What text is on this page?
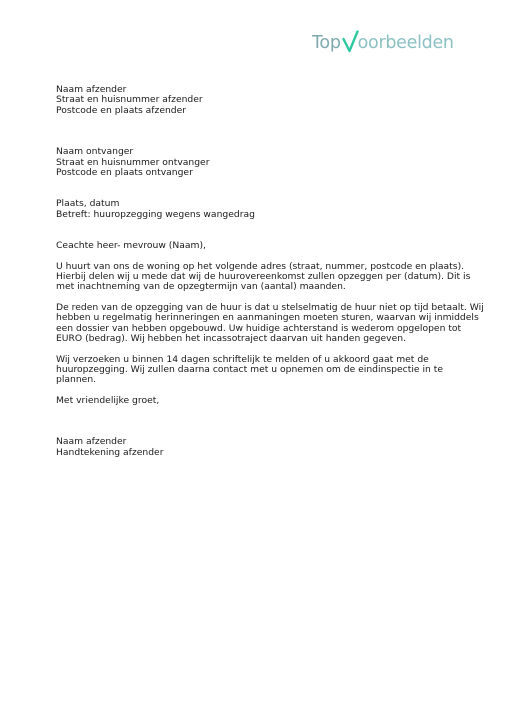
Top oorbeelden
Naam afzender
Straat en huisnummer afzender
Postcode en plaats afzender
Naam ontvanger
Straat en huisnummer ontvanger
Postcode en plaats ontvanger
Plaats, datum
Betreft: huuropzegging wegens wangedrag
Ceachte heer- mevrouw (Naam),
U huurt van ons de woning op het volgende adres (straat, nummer, postcode en plaats).
Hierbij delen wij u mede dat wij de huurovereenkomst zullen opzeggen per (datum). Dit is
met inachtneming van de opzegtermijn van (aantal) maanden.
De reden van de opzegging van de huur is dat u stelselmatig de huur niet op tijd betaalt. Wij
hebben u regelmatig herinneringen en aanmaningen moeten sturen, waarvan wij inmiddels
een dossier van hebben opgebouwd. Uw huidige achterstand is wederom opgelopen tot
EURO (bedrag). Wij hebben het incassotraject daarvan uit handen gegeven.
Wij verzoeken u binnen 14 dagen schriftelijk te melden of u akkoord gaat met de
huuropzegging. Wij zullen daarna contact met u opnemen om de eindinspectie in te
plannen.
Met vriendelijke groet,
Naam afzender
Handtekening afzender
